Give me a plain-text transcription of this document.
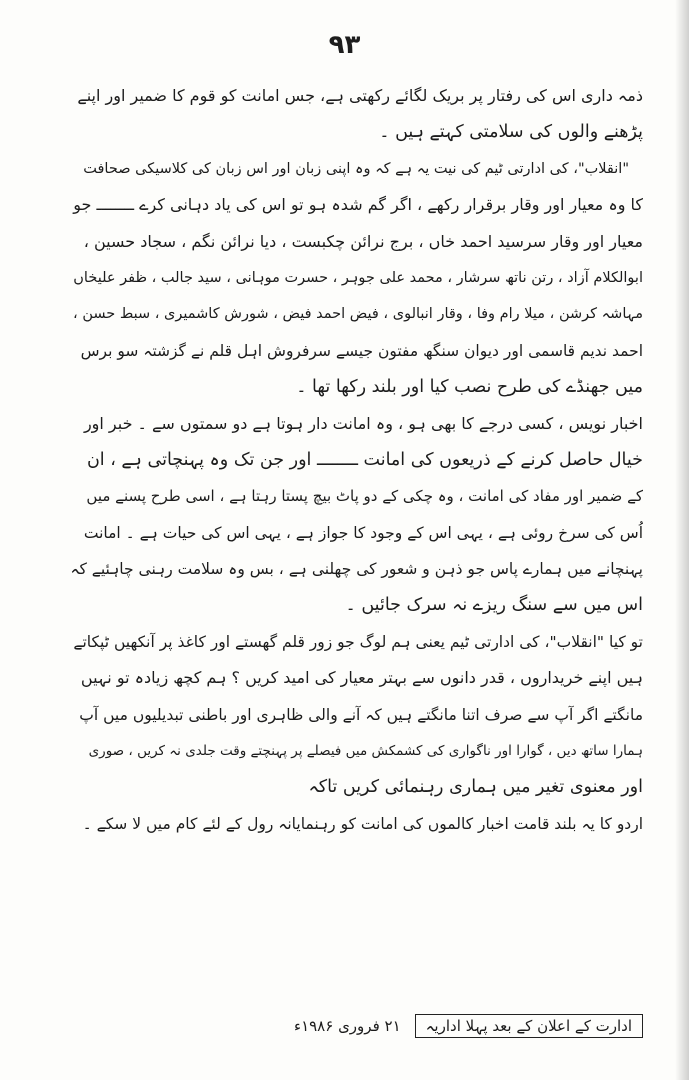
۹۳
ذمہ داری اس کی رفتار پر بریک لگائے رکھتی ہے، جس امانت کو قوم کا ضمیر اور اپنے
پڑھنے والوں کی سلامتی کہتے ہیں ۔
"انقلاب"، کی ادارتی ٹیم کی نیت یہ ہے کہ وہ اپنی زبان اور اس زبان کی کلاسیکی صحافت
کا وہ معیار اور وقار برقرار رکھے ، اگر گم شدہ ہو تو اس کی یاد دہانی کرے ــــــــ جو
معیار اور وقار سرسید احمد خاں ، برج نرائن چکبست ، دیا نرائن نگم ، سجاد حسین ،
ابوالکلام آزاد ، رتن ناتھ سرشار ، محمد علی جوہر ، حسرت موہانی ، سید جالب ، ظفر علیخاں
مہاشہ کرشن ، میلا رام وفا ، وقار انبالوی ، فیض احمد فیض ، شورش کاشمیری ، سبط حسن ،
احمد ندیم قاسمی اور دیوان سنگھ مفتون جیسے سرفروش اہل قلم نے گزشتہ سو برس
میں جھنڈے کی طرح نصب کیا اور بلند رکھا تھا ۔
اخبار نویس ، کسی درجے کا بھی ہو ، وہ امانت دار ہوتا ہے دو سمتوں سے ۔ خبر اور
خیال حاصل کرنے کے ذریعوں کی امانت ــــــــ اور جن تک وہ پہنچاتی ہے ، ان
کے ضمیر اور مفاد کی امانت ، وہ چکی کے دو پاٹ بیچ پستا رہتا ہے ، اسی طرح پسنے میں
اُس کی سرخ روئی ہے ، یہی اس کے وجود کا جواز ہے ، یہی اس کی حیات ہے ۔ امانت
پہنچانے میں ہمارے پاس جو ذہن و شعور کی چھلنی ہے ، بس وہ سلامت رہنی چاہئیے کہ
اس میں سے سنگ ریزے نہ سرک جائیں ۔
تو کیا "انقلاب"، کی ادارتی ٹیم یعنی ہم لوگ جو زور قلم گھستے اور کاغذ پر آنکھیں ٹپکاتے
ہیں اپنے خریداروں ، قدر دانوں سے بہتر معیار کی امید کریں ؟ ہم کچھ زیادہ تو نہیں
مانگتے اگر آپ سے صرف اتنا مانگتے ہیں کہ آنے والی ظاہری اور باطنی تبدیلیوں میں آپ
ہمارا ساتھ دیں ، گوارا اور ناگواری کی کشمکش میں فیصلے پر پہنچتے وقت جلدی نہ کریں ، صوری
اور معنوی تغیر میں ہماری رہنمائی کریں تاکہ
اردو کا یہ بلند قامت اخبار کالموں کی امانت کو رہنمایانہ رول کے لئے کام میں لا سکے ۔
ادارت کے اعلان کے بعد پہلا اداریہ
۲۱ فروری ۱۹۸۶ء
